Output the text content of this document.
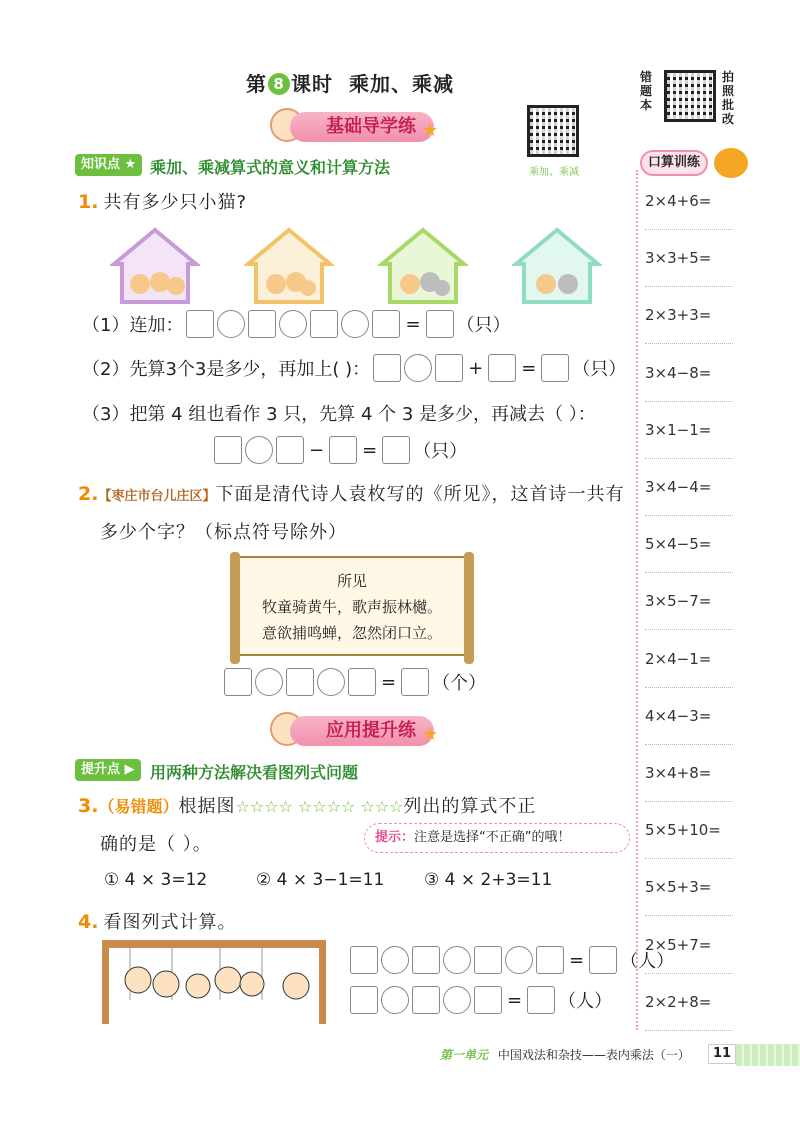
第 8 课时 乘加、乘减	错题本
拍照批改
乘加、乘减
基础导学练 ★
知识点 ★ 乘加、乘减算式的意义和计算方法
1. 共有多少只小猫?
（1）连加：	= （只）
（2）先算3个3是多少，再加上( )：	+ = （只）
（3）把第 4 组也看作 3 只，先算 4 个 3 是多少，再减去（ ）：
− = （只）
2.【枣庄市台儿庄区】下面是清代诗人袁枚写的《所见》，这首诗一共有
多少个字？（标点符号除外）
所见
牧童骑黄牛，歌声振林樾。
意欲捕鸣蝉，忽然闭口立。
= （个）
应用提升练 ★
提升点 ▶ 用两种方法解决看图列式问题
3.（易错题）根据图☆☆☆☆ ☆☆☆☆ ☆☆☆列出的算式不正
确的是（ ）。	提示：注意是选择“不正确”的哦！
① 4 × 3=12	② 4 × 3−1=11 ③ 4 × 2+3=11
4. 看图列式计算。
= （人）
= （人）
口算训练
2×4+6=
3×3+5=
2×3+3=
3×4−8=
3×1−1=
3×4−4=
5×4−5=
3×5−7=
2×4−1=
4×4−3=
3×4+8=
5×5+10=
5×5+3=
2×5+7=
2×2+8=
第一单元 中国戏法和杂技——表内乘法（一）	11
